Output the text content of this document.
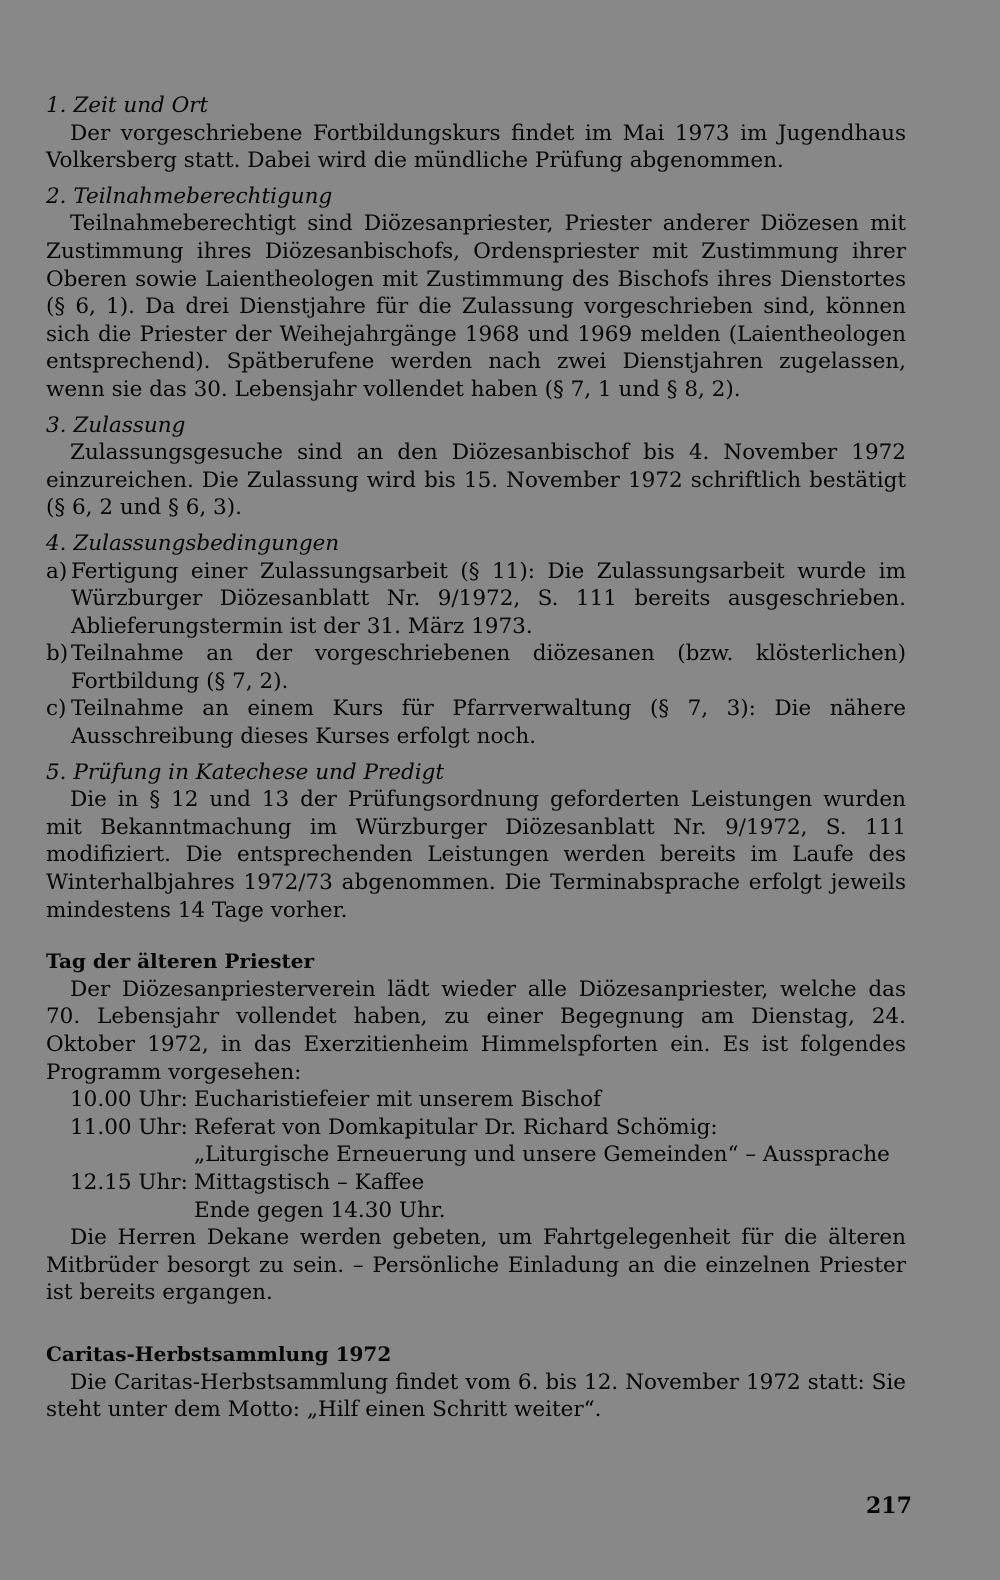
1. Zeit und Ort
Der vorgeschriebene Fortbildungskurs findet im Mai 1973 im Jugendhaus Volkersberg statt. Dabei wird die mündliche Prüfung abgenommen.
2. Teilnahmeberechtigung
Teilnahmeberechtigt sind Diözesanpriester, Priester anderer Diözesen mit Zustimmung ihres Diözesanbischofs, Ordenspriester mit Zustimmung ihrer Oberen sowie Laientheologen mit Zustimmung des Bischofs ihres Dienstortes (§ 6, 1). Da drei Dienstjahre für die Zulassung vorgeschrieben sind, können sich die Priester der Weihejahrgänge 1968 und 1969 melden (Laientheologen entsprechend). Spätberufene werden nach zwei Dienstjahren zugelassen, wenn sie das 30. Lebensjahr vollendet haben (§ 7, 1 und § 8, 2).
3. Zulassung
Zulassungsgesuche sind an den Diözesanbischof bis 4. November 1972 einzureichen. Die Zulassung wird bis 15. November 1972 schriftlich bestätigt (§ 6, 2 und § 6, 3).
4. Zulassungsbedingungen
a) Fertigung einer Zulassungsarbeit (§ 11): Die Zulassungsarbeit wurde im Würzburger Diözesanblatt Nr. 9/1972, S. 111 bereits ausgeschrieben. Ablieferungstermin ist der 31. März 1973.
b) Teilnahme an der vorgeschriebenen diözesanen (bzw. klösterlichen) Fortbildung (§ 7, 2).
c) Teilnahme an einem Kurs für Pfarrverwaltung (§ 7, 3): Die nähere Ausschreibung dieses Kurses erfolgt noch.
5. Prüfung in Katechese und Predigt
Die in § 12 und 13 der Prüfungsordnung geforderten Leistungen wurden mit Bekanntmachung im Würzburger Diözesanblatt Nr. 9/1972, S. 111 modifiziert. Die entsprechenden Leistungen werden bereits im Laufe des Winterhalbjahres 1972/73 abgenommen. Die Terminabsprache erfolgt jeweils mindestens 14 Tage vorher.
Tag der älteren Priester
Der Diözesanpriesterverein lädt wieder alle Diözesanpriester, welche das 70. Lebensjahr vollendet haben, zu einer Begegnung am Dienstag, 24. Oktober 1972, in das Exerzitienheim Himmelspforten ein. Es ist folgendes Programm vorgesehen:
10.00 Uhr: Eucharistiefeier mit unserem Bischof
11.00 Uhr: Referat von Domkapitular Dr. Richard Schömig:
„Liturgische Erneuerung und unsere Gemeinden“ – Aussprache
12.15 Uhr: Mittagstisch – Kaffee
Ende gegen 14.30 Uhr.
Die Herren Dekane werden gebeten, um Fahrtgelegenheit für die älteren Mitbrüder besorgt zu sein. – Persönliche Einladung an die einzelnen Priester ist bereits ergangen.
Caritas-Herbstsammlung 1972
Die Caritas-Herbstsammlung findet vom 6. bis 12. November 1972 statt: Sie steht unter dem Motto: „Hilf einen Schritt weiter“.
217
